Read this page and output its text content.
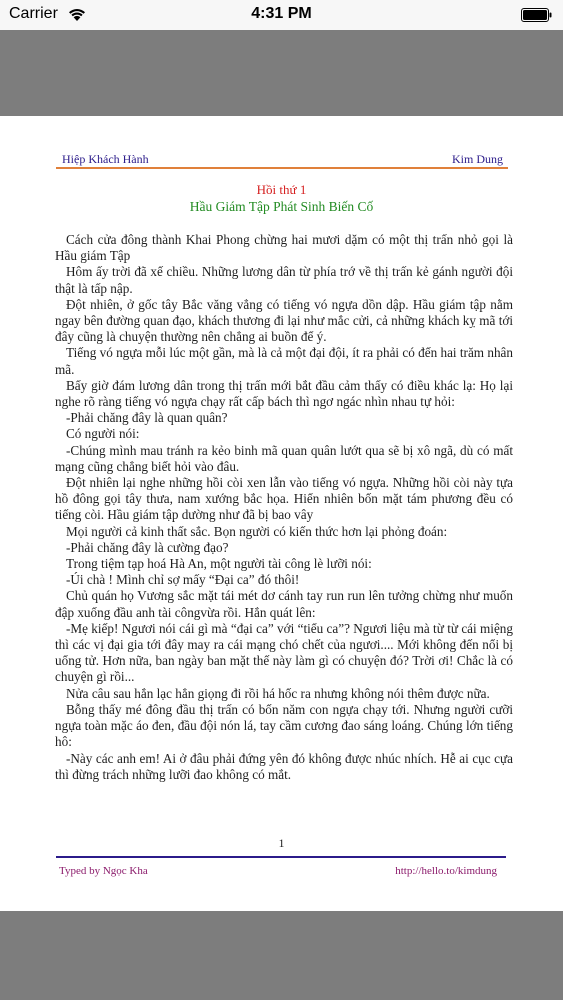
Carrier	4:31 PM
Hiệp Khách Hành	Kim Dung
Hồi thứ 1
Hầu Giám Tập Phát Sinh Biến Cố
Cách cửa đông thành Khai Phong chừng hai mươi dặm có một thị trấn nhỏ gọi là Hầu giám Tập
Hôm ấy trời đã xế chiều. Những lương dân từ phía trớ về thị trấn kẻ gánh người đội thật là tấp nập.
Đột nhiên, ở gốc tây Bắc văng vẳng có tiếng vó ngựa dồn dập. Hầu giám tập nằm ngay bên đường quan đạo, khách thương đi lại như mắc cửi, cả những khách kỵ mã tới đây cũng là chuyện thường nên chẳng ai buồn để ý.
Tiếng vó ngựa mỗi lúc một gần, mà là cả một đại đội, ít ra phải có đến hai trăm nhân mã.
Bấy giờ đám lương dân trong thị trấn mới bắt đầu cảm thấy có điều khác lạ: Họ lại nghe rõ ràng tiếng vó ngựa chạy rất cấp bách thì ngơ ngác nhìn nhau tự hỏi:
-Phải chăng đây là quan quân?
Có người nói:
-Chúng mình mau tránh ra kẻo binh mã quan quân lướt qua sẽ bị xô ngã, dù có mất mạng cũng chẳng biết hỏi vào đâu.
Đột nhiên lại nghe những hồi còi xen lẫn vào tiếng vó ngựa. Những hồi còi này tựa hồ đông gọi tây thưa, nam xướng bắc họa. Hiển nhiên bốn mặt tám phương đều có tiếng còi. Hầu giám tập dường như đã bị bao vây
Mọi người cả kinh thất sắc. Bọn người có kiến thức hơn lại phỏng đoán:
-Phải chăng đây là cường đạo?
Trong tiệm tạp hoá Hà An, một người tài công lè lưỡi nói:
-Úi chà ! Mình chỉ sợ mấy “Đại ca” đó thôi!
Chủ quán họ Vương sắc mặt tái mét dơ cánh tay run run lên tưởng chừng như muốn đập xuống đầu anh tài côngvừa rồi. Hắn quát lên:
-Mẹ kiếp! Ngươi nói cái gì mà “đại ca” với “tiểu ca”? Ngươi liệu mà từ từ cái miệng thì các vị đại gia tới đây may ra cái mạng chó chết của ngươi.... Mới không đến nổi bị uổng tử. Hơn nữa, ban ngày ban mặt thế này làm gì có chuyện đó? Trời ơi! Chắc là có chuyện gì rồi...
Nửa câu sau hắn lạc hẳn giọng đi rồi há hốc ra nhưng không nói thêm được nữa.
Bỗng thấy mé đông đầu thị trấn có bốn năm con ngựa chạy tới. Nhưng người cưỡi ngựa toàn mặc áo đen, đầu đội nón lá, tay cầm cương đao sáng loáng. Chúng lớn tiếng hô:
-Này các anh em! Ai ở đâu phải đứng yên đó không được nhúc nhích. Hễ ai cục cựa thì đừng trách những lưỡi đao không có mắt.
1
Typed by Ngọc Kha	http://hello.to/kimdung
